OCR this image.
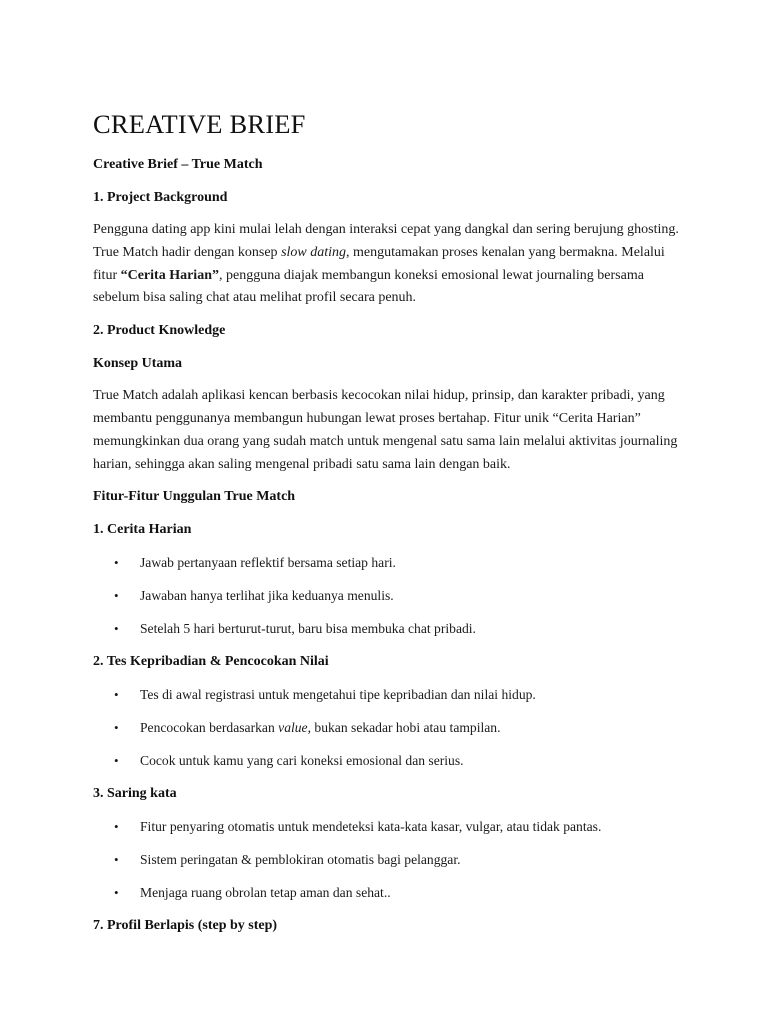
CREATIVE BRIEF

Creative Brief – True Match

1. Project Background

Pengguna dating app kini mulai lelah dengan interaksi cepat yang dangkal dan sering berujung ghosting. True Match hadir dengan konsep slow dating, mengutamakan proses kenalan yang bermakna. Melalui fitur “Cerita Harian”, pengguna diajak membangun koneksi emosional lewat journaling bersama sebelum bisa saling chat atau melihat profil secara penuh.

2. Product Knowledge

Konsep Utama

True Match adalah aplikasi kencan berbasis kecocokan nilai hidup, prinsip, dan karakter pribadi, yang membantu penggunanya membangun hubungan lewat proses bertahap. Fitur unik “Cerita Harian” memungkinkan dua orang yang sudah match untuk mengenal satu sama lain melalui aktivitas journaling harian, sehingga akan saling mengenal pribadi satu sama lain dengan baik.

Fitur-Fitur Unggulan True Match

1. Cerita Harian

• Jawab pertanyaan reflektif bersama setiap hari.
• Jawaban hanya terlihat jika keduanya menulis.
• Setelah 5 hari berturut-turut, baru bisa membuka chat pribadi.

2. Tes Kepribadian & Pencocokan Nilai

• Tes di awal registrasi untuk mengetahui tipe kepribadian dan nilai hidup.
• Pencocokan berdasarkan value, bukan sekadar hobi atau tampilan.
• Cocok untuk kamu yang cari koneksi emosional dan serius.

3. Saring kata

• Fitur penyaring otomatis untuk mendeteksi kata-kata kasar, vulgar, atau tidak pantas.
• Sistem peringatan & pemblokiran otomatis bagi pelanggar.
• Menjaga ruang obrolan tetap aman dan sehat..

7. Profil Berlapis (step by step)
